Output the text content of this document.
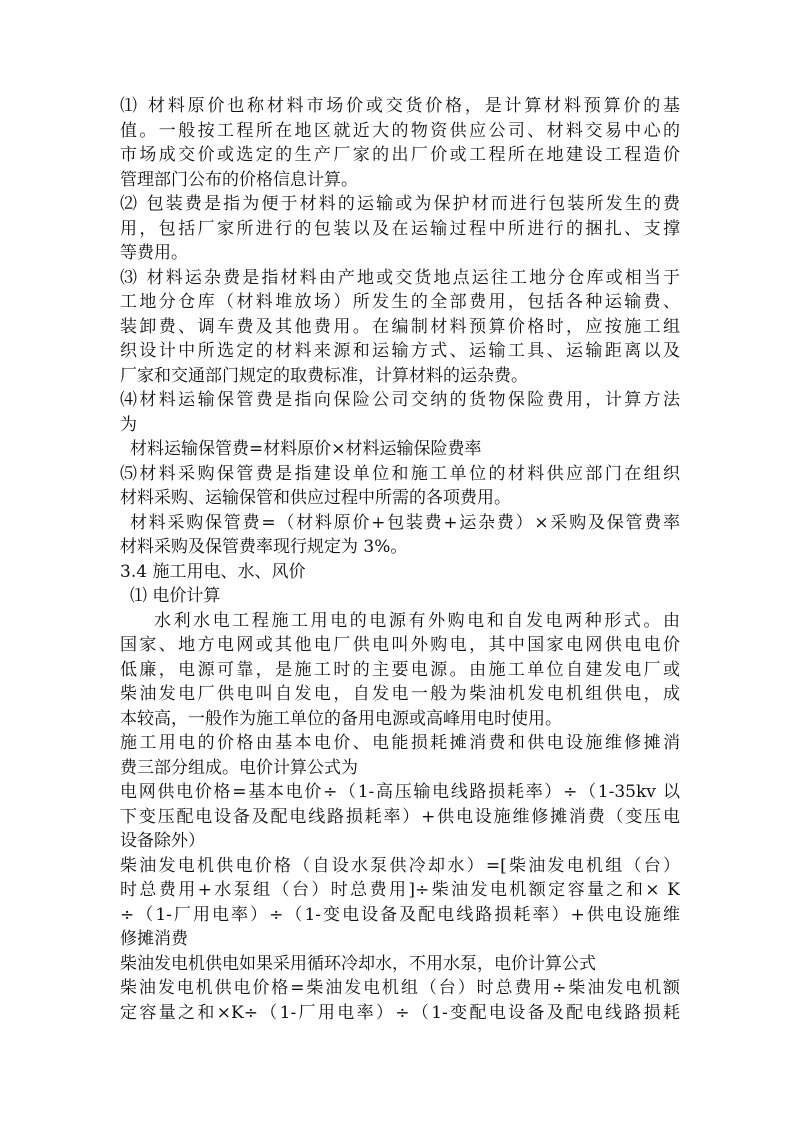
⑴ 材料原价也称材料市场价或交货价格，是计算材料预算价的基
值。一般按工程所在地区就近大的物资供应公司、材料交易中心的
市场成交价或选定的生产厂家的出厂价或工程所在地建设工程造价
管理部门公布的价格信息计算。
⑵ 包装费是指为便于材料的运输或为保护材而进行包装所发生的费
用，包括厂家所进行的包装以及在运输过程中所进行的捆扎、支撑
等费用。
⑶ 材料运杂费是指材料由产地或交货地点运往工地分仓库或相当于
工地分仓库（材料堆放场）所发生的全部费用，包括各种运输费、
装卸费、调车费及其他费用。在编制材料预算价格时，应按施工组
织设计中所选定的材料来源和运输方式、运输工具、运输距离以及
厂家和交通部门规定的取费标准，计算材料的运杂费。
⑷材料运输保管费是指向保险公司交纳的货物保险费用，计算方法
为
材料运输保管费=材料原价×材料运输保险费率
⑸材料采购保管费是指建设单位和施工单位的材料供应部门在组织
材料采购、运输保管和供应过程中所需的各项费用。
材料采购保管费=（材料原价+包装费+运杂费）×采购及保管费率
材料采购及保管费率现行规定为 3%。
3.4 施工用电、水、风价
⑴ 电价计算
水利水电工程施工用电的电源有外购电和自发电两种形式。由
国家、地方电网或其他电厂供电叫外购电，其中国家电网供电电价
低廉，电源可靠，是施工时的主要电源。由施工单位自建发电厂或
柴油发电厂供电叫自发电，自发电一般为柴油机发电机组供电，成
本较高，一般作为施工单位的备用电源或高峰用电时使用。
施工用电的价格由基本电价、电能损耗摊消费和供电设施维修摊消
费三部分组成。电价计算公式为
电网供电价格=基本电价÷（1-高压输电线路损耗率）÷（1-35kv 以
下变压配电设备及配电线路损耗率）+供电设施维修摊消费（变压电
设备除外）
柴油发电机供电价格（自设水泵供冷却水）=[柴油发电机组（台）
时总费用+水泵组（台）时总费用]÷柴油发电机额定容量之和× K
÷（1-厂用电率）÷（1-变电设备及配电线路损耗率）+供电设施维
修摊消费
柴油发电机供电如果采用循环冷却水，不用水泵，电价计算公式
柴油发电机供电价格=柴油发电机组（台）时总费用÷柴油发电机额
定容量之和×K÷（1-厂用电率）÷（1-变配电设备及配电线路损耗
